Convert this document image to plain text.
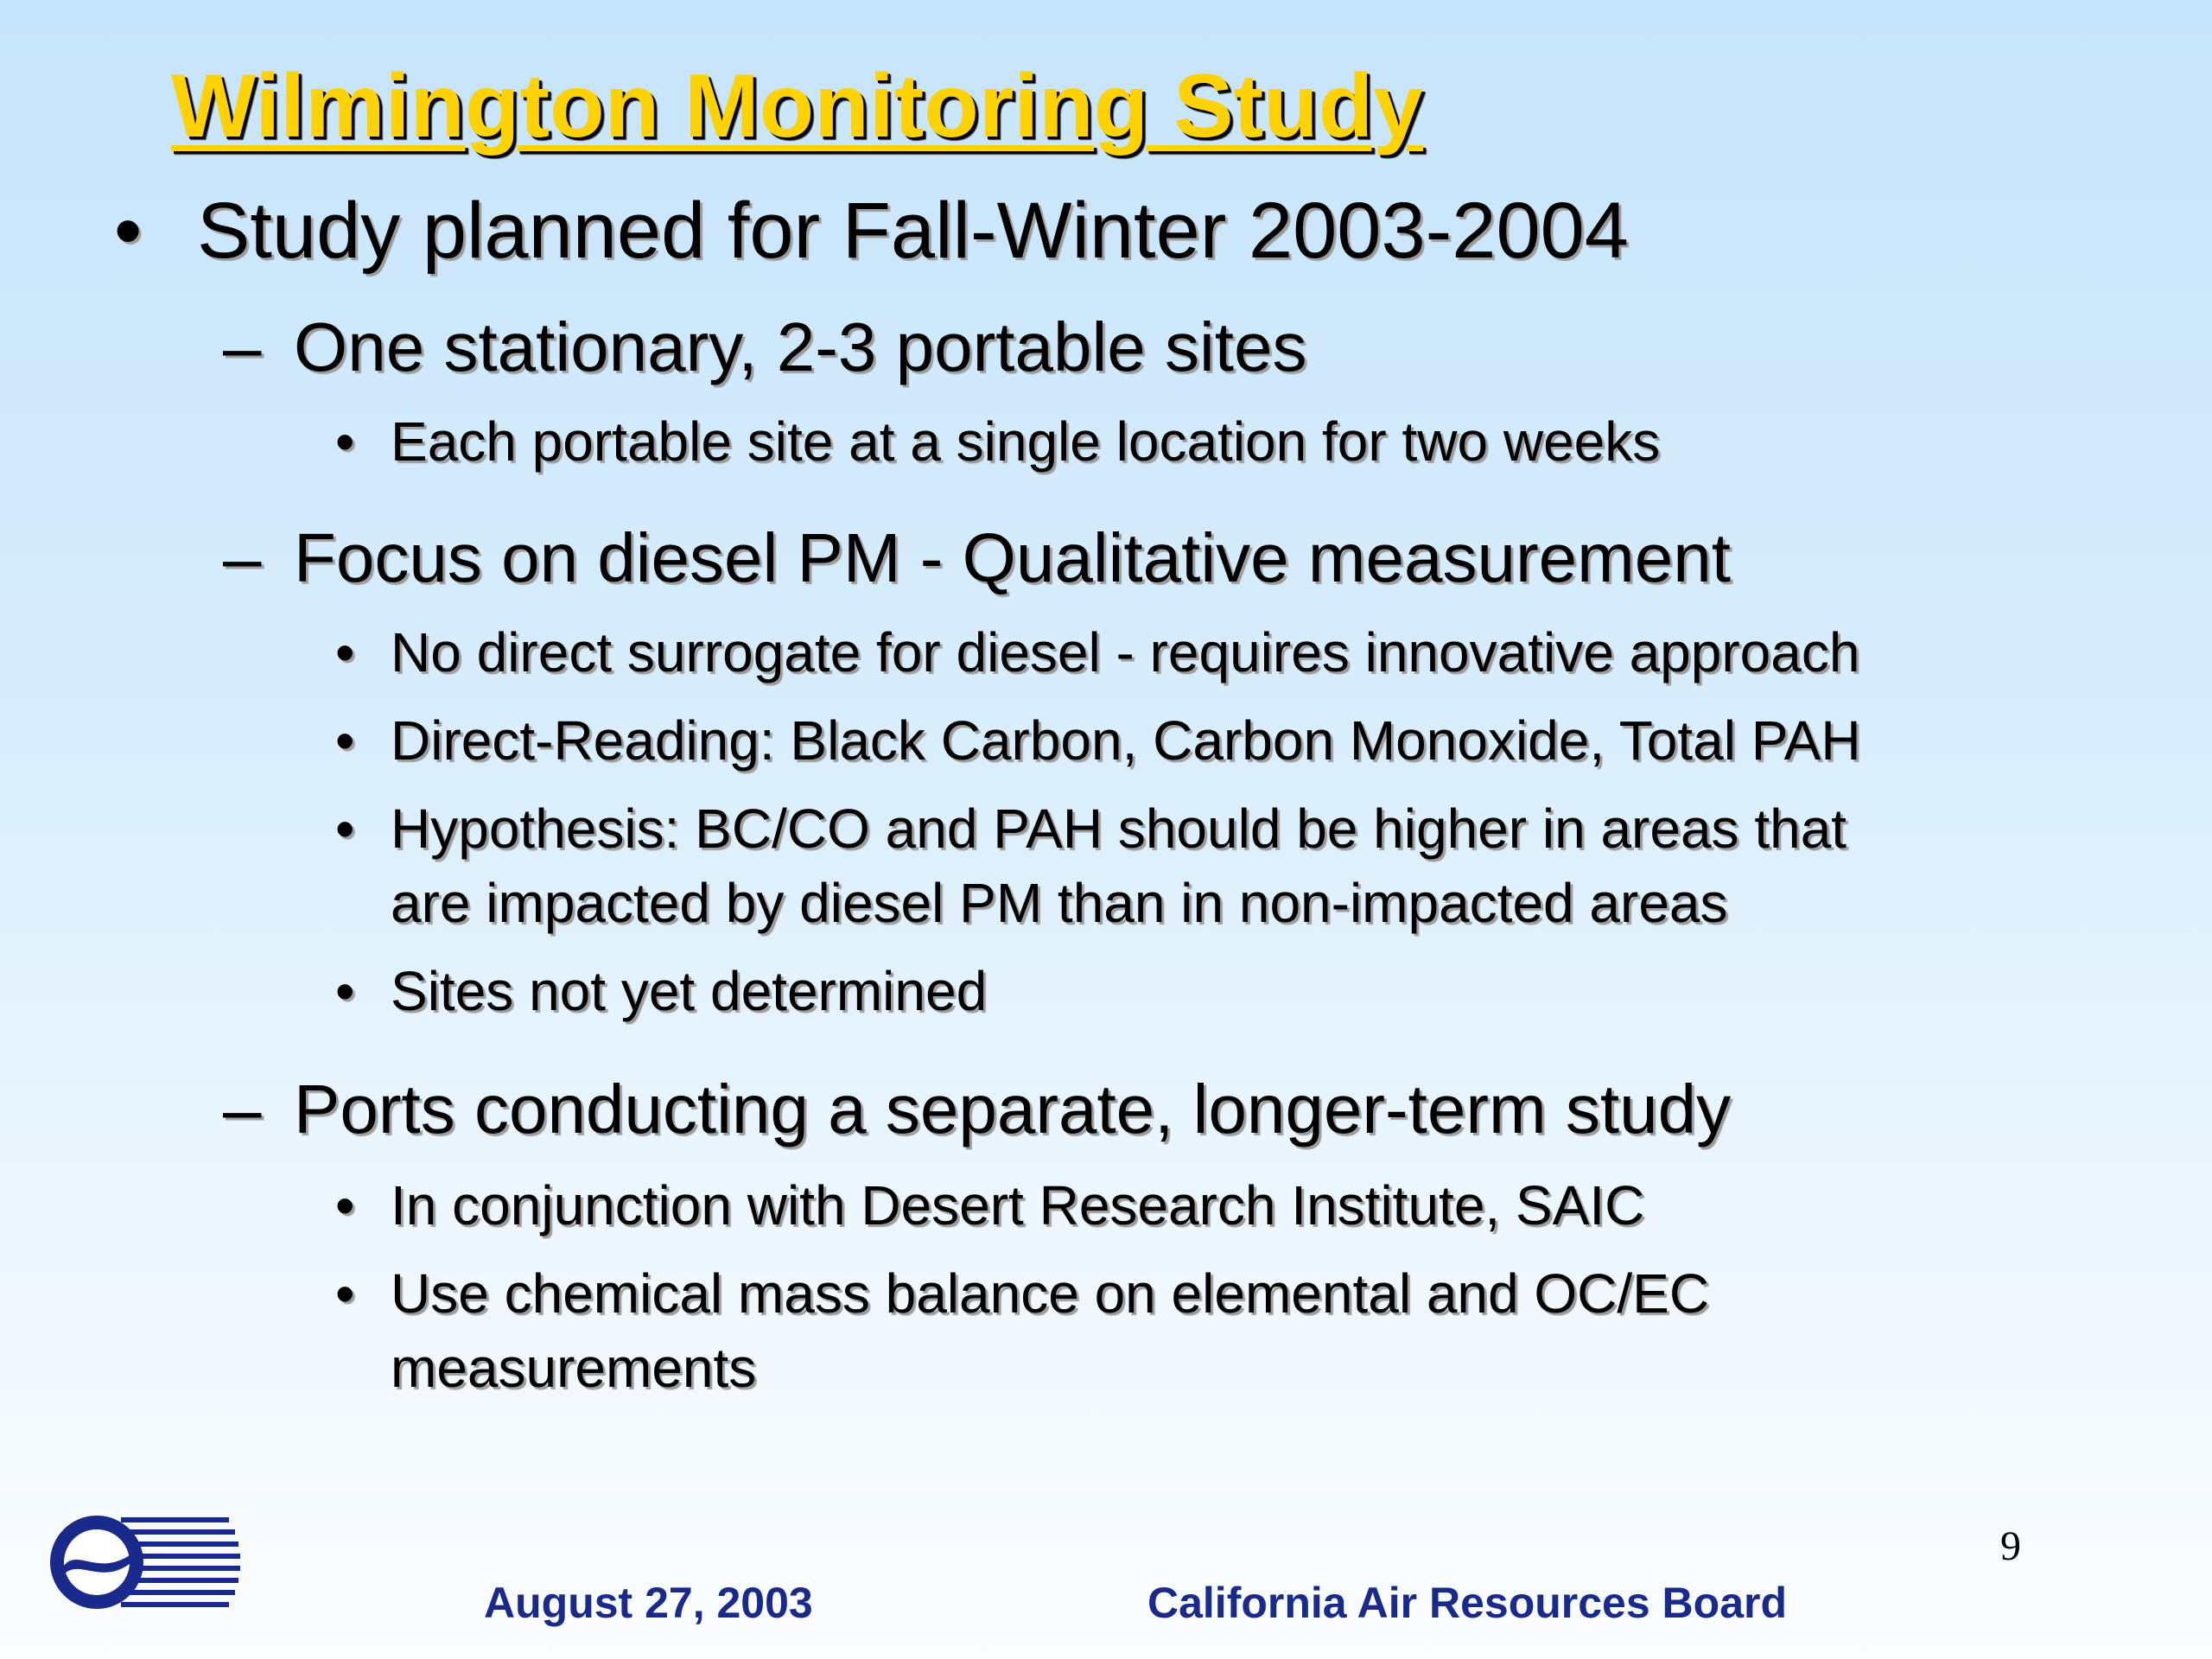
Wilmington Monitoring Study
• Study planned for Fall-Winter 2003-2004
– One stationary, 2-3 portable sites
• Each portable site at a single location for two weeks
– Focus on diesel PM - Qualitative measurement
• No direct surrogate for diesel - requires innovative approach
• Direct-Reading: Black Carbon, Carbon Monoxide, Total PAH
• Hypothesis: BC/CO and PAH should be higher in areas that
are impacted by diesel PM than in non-impacted areas
• Sites not yet determined
– Ports conducting a separate, longer-term study
• In conjunction with Desert Research Institute, SAIC
• Use chemical mass balance on elemental and OC/EC
measurements
August 27, 2003	California Air Resources Board
9
